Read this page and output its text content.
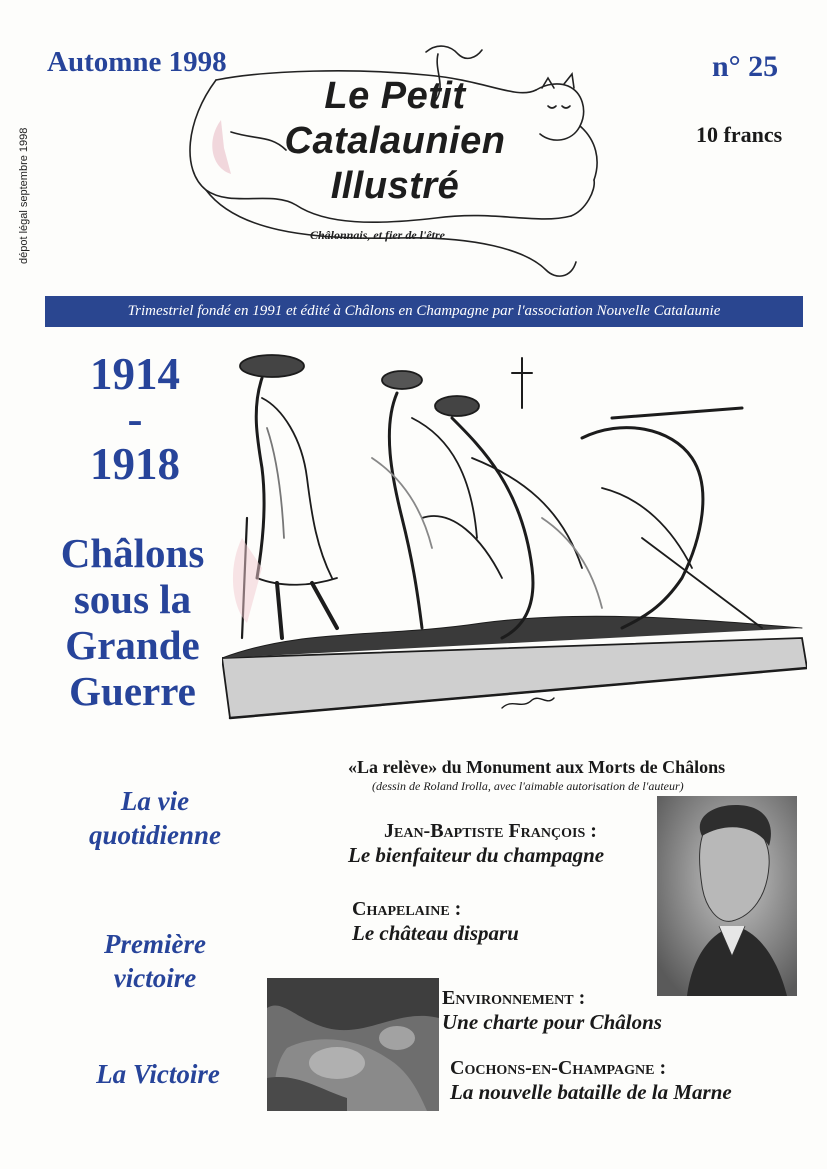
Automne 1998	n° 25
10 francs
dépot légal septembre 1998
Le Petit
Catalaunien
Illustré
Châlonnais, et fier de l'être
Trimestriel fondé en 1991 et édité à Châlons en Champagne par l'association Nouvelle Catalaunie
1914
-
1918
Châlons
sous la
Grande
Guerre
«La relève» du Monument aux Morts de Châlons
(dessin de Roland Irolla, avec l'aimable autorisation de l'auteur)
La vie
quotidienne
Première
victoire
La Victoire
Jean-Baptiste François :
Le bienfaiteur du champagne
Chapelaine :
Le château disparu
Environnement :
Une charte pour Châlons
Cochons-en-Champagne :
La nouvelle bataille de la Marne
